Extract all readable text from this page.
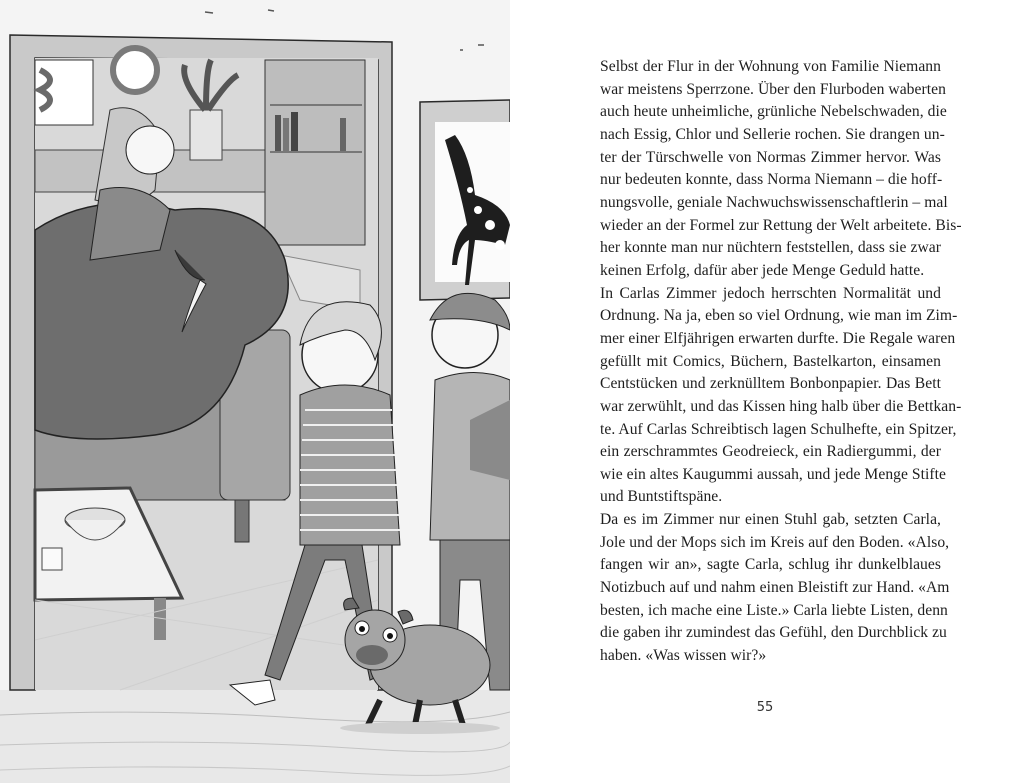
Selbst der Flur in der Wohnung von Familie Niemann
war meistens Sperrzone. Über den Flurboden waberten
auch heute unheimliche, grünliche Nebelschwaden, die
nach Essig, Chlor und Sellerie rochen. Sie drangen un-
ter der Türschwelle von Normas Zimmer hervor. Was
nur bedeuten konnte, dass Norma Niemann – die hoff-
nungsvolle, geniale Nachwuchswissenschaftlerin – mal
wieder an der Formel zur Rettung der Welt arbeitete. Bis-
her konnte man nur nüchtern feststellen, dass sie zwar
keinen Erfolg, dafür aber jede Menge Geduld hatte.

In Carlas Zimmer jedoch herrschten Normalität und
Ordnung. Na ja, eben so viel Ordnung, wie man im Zim-
mer einer Elfjährigen erwarten durfte. Die Regale waren
gefüllt mit Comics, Büchern, Bastelkarton, einsamen
Centstücken und zerknülltem Bonbonpapier. Das Bett
war zerwühlt, und das Kissen hing halb über die Bettkan-
te. Auf Carlas Schreibtisch lagen Schulhefte, ein Spitzer,
ein zerschrammtes Geodreieck, ein Radiergummi, der
wie ein altes Kaugummi aussah, und jede Menge Stifte
und Buntstiftspäne.

Da es im Zimmer nur einen Stuhl gab, setzten Carla,
Jole und der Mops sich im Kreis auf den Boden. «Also,
fangen wir an», sagte Carla, schlug ihr dunkelblaues
Notizbuch auf und nahm einen Bleistift zur Hand. «Am
besten, ich mache eine Liste.» Carla liebte Listen, denn
die gaben ihr zumindest das Gefühl, den Durchblick zu
haben. «Was wissen wir?»

55
